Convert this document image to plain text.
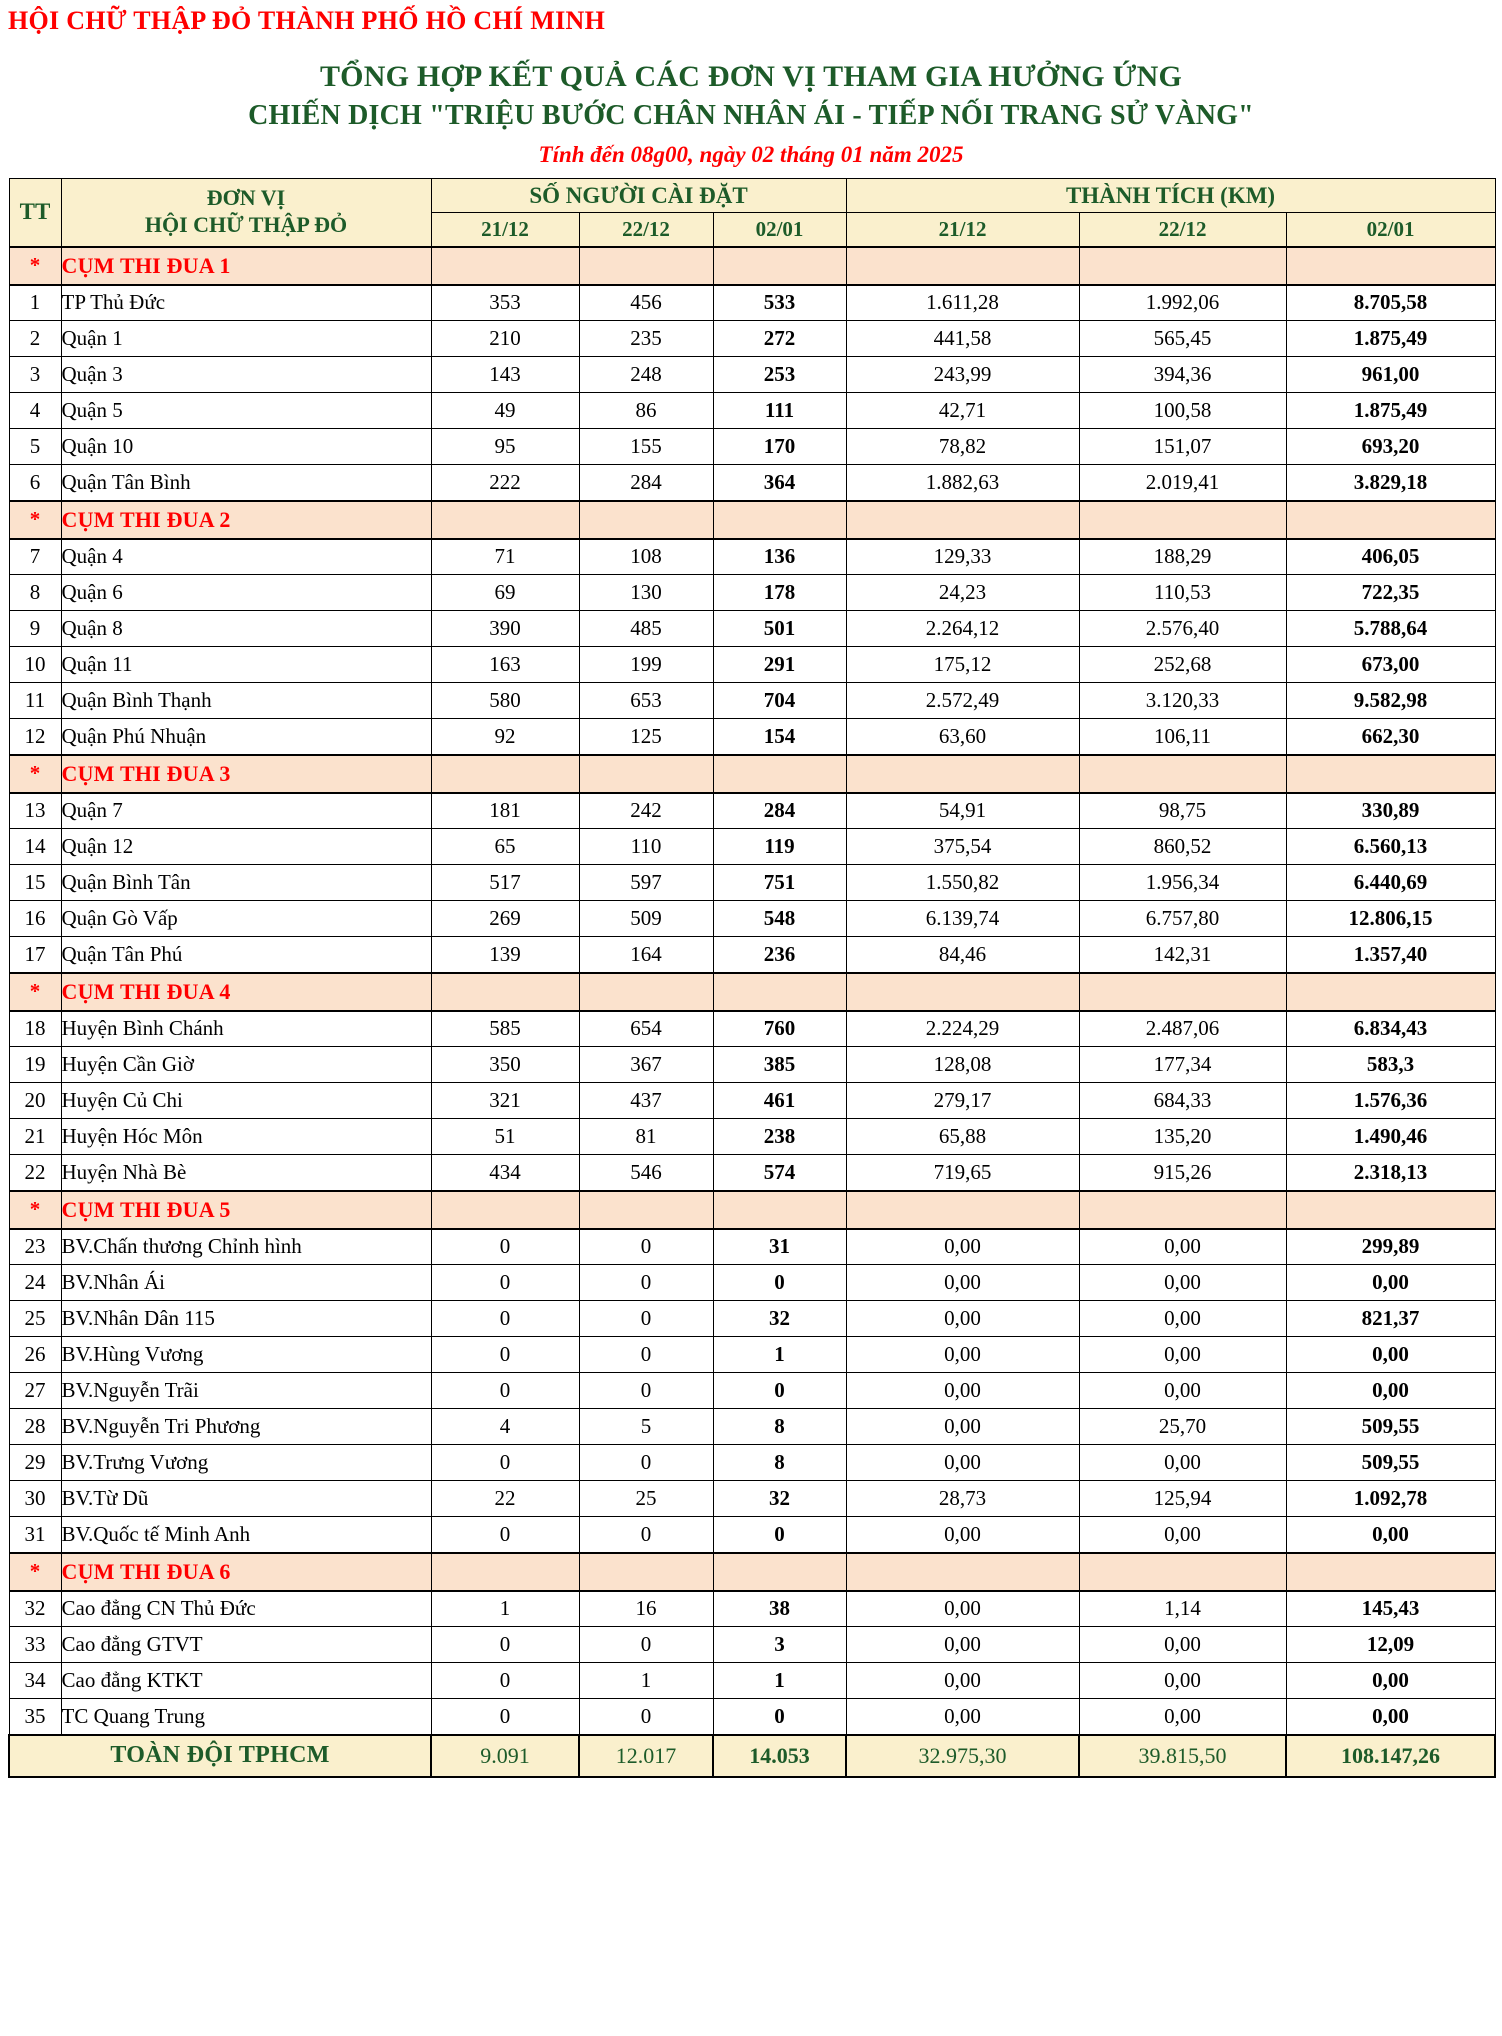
HỘI CHỮ THẬP ĐỎ THÀNH PHỐ HỒ CHÍ MINH
TỔNG HỢP KẾT QUẢ CÁC ĐƠN VỊ THAM GIA HƯỞNG ỨNG
CHIẾN DỊCH "TRIỆU BƯỚC CHÂN NHÂN ÁI - TIẾP NỐI TRANG SỬ VÀNG"
Tính đến 08g00, ngày 02 tháng 01 năm 2025
TT	ĐƠN VỊ
HỘI CHỮ THẬP ĐỎ	SỐ NGƯỜI CÀI ĐẶT			THÀNH TÍCH (KM)		
		21/12	22/12	02/01	21/12	22/12	02/01
*	CỤM THI ĐUA 1						
1	TP Thủ Đức	353	456	533	1.611,28	1.992,06	8.705,58
2	Quận 1	210	235	272	441,58	565,45	1.875,49
3	Quận 3	143	248	253	243,99	394,36	961,00
4	Quận 5	49	86	111	42,71	100,58	1.875,49
5	Quận 10	95	155	170	78,82	151,07	693,20
6	Quận Tân Bình	222	284	364	1.882,63	2.019,41	3.829,18
*	CỤM THI ĐUA 2						
7	Quận 4	71	108	136	129,33	188,29	406,05
8	Quận 6	69	130	178	24,23	110,53	722,35
9	Quận 8	390	485	501	2.264,12	2.576,40	5.788,64
10	Quận 11	163	199	291	175,12	252,68	673,00
11	Quận Bình Thạnh	580	653	704	2.572,49	3.120,33	9.582,98
12	Quận Phú Nhuận	92	125	154	63,60	106,11	662,30
*	CỤM THI ĐUA 3						
13	Quận 7	181	242	284	54,91	98,75	330,89
14	Quận 12	65	110	119	375,54	860,52	6.560,13
15	Quận Bình Tân	517	597	751	1.550,82	1.956,34	6.440,69
16	Quận Gò Vấp	269	509	548	6.139,74	6.757,80	12.806,15
17	Quận Tân Phú	139	164	236	84,46	142,31	1.357,40
*	CỤM THI ĐUA 4						
18	Huyện Bình Chánh	585	654	760	2.224,29	2.487,06	6.834,43
19	Huyện Cần Giờ	350	367	385	128,08	177,34	583,3
20	Huyện Củ Chi	321	437	461	279,17	684,33	1.576,36
21	Huyện Hóc Môn	51	81	238	65,88	135,20	1.490,46
22	Huyện Nhà Bè	434	546	574	719,65	915,26	2.318,13
*	CỤM THI ĐUA 5						
23	BV.Chấn thương Chỉnh hình	0	0	31	0,00	0,00	299,89
24	BV.Nhân Ái	0	0	0	0,00	0,00	0,00
25	BV.Nhân Dân 115	0	0	32	0,00	0,00	821,37
26	BV.Hùng Vương	0	0	1	0,00	0,00	0,00
27	BV.Nguyễn Trãi	0	0	0	0,00	0,00	0,00
28	BV.Nguyễn Tri Phương	4	5	8	0,00	25,70	509,55
29	BV.Trưng Vương	0	0	8	0,00	0,00	509,55
30	BV.Từ Dũ	22	25	32	28,73	125,94	1.092,78
31	BV.Quốc tế Minh Anh	0	0	0	0,00	0,00	0,00
*	CỤM THI ĐUA 6						
32	Cao đẳng CN Thủ Đức	1	16	38	0,00	1,14	145,43
33	Cao đẳng GTVT	0	0	3	0,00	0,00	12,09
34	Cao đẳng KTKT	0	1	1	0,00	0,00	0,00
35	TC Quang Trung	0	0	0	0,00	0,00	0,00
TOÀN ĐỘI TPHCM		9.091	12.017	14.053	32.975,30	39.815,50	108.147,26
